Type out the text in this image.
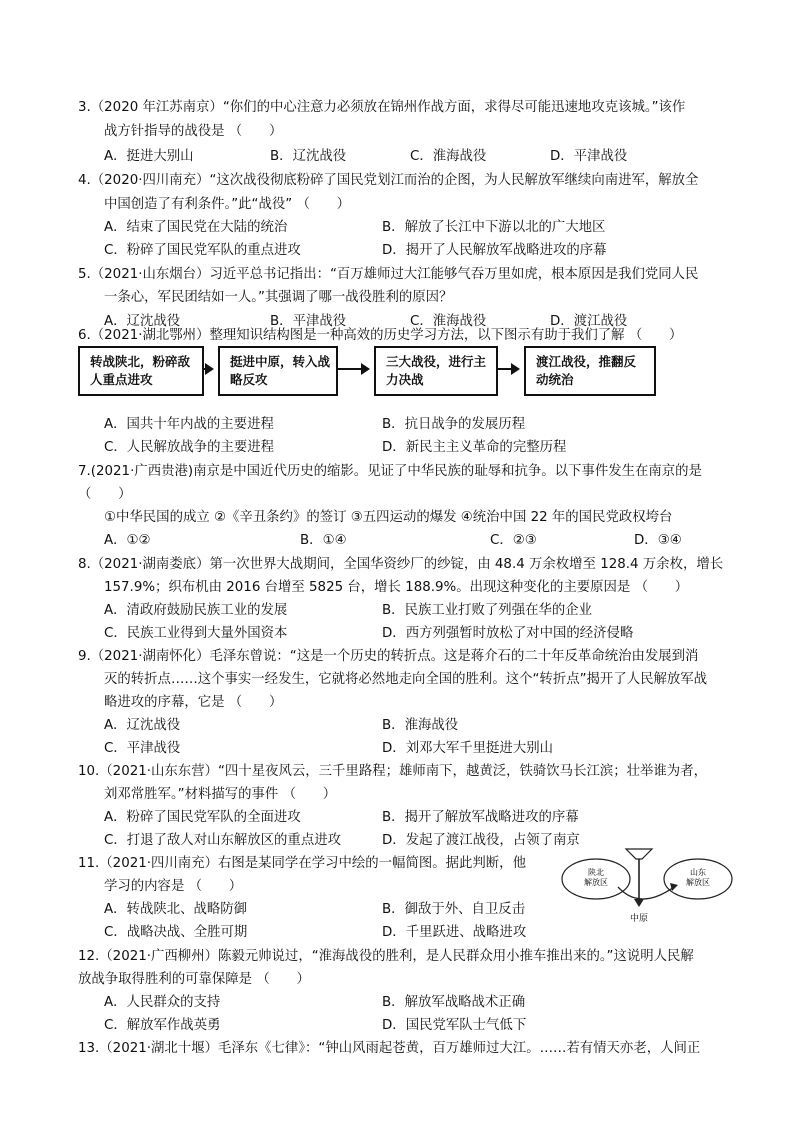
3.（2020 年江苏南京）“你们的中心注意力必须放在锦州作战方面，求得尽可能迅速地攻克该城。”该作
战方针指导的战役是 （　　）
A．挺进大别山	B．辽沈战役	C．淮海战役	D．平津战役
4.（2020·四川南充）“这次战役彻底粉碎了国民党划江而治的企图，为人民解放军继续向南进军，解放全
中国创造了有利条件。”此“战役” （　　）
A．结束了国民党在大陆的统治	B．解放了长江中下游以北的广大地区
C．粉碎了国民党军队的重点进攻	D．揭开了人民解放军战略进攻的序幕
5.（2021·山东烟台）习近平总书记指出：“百万雄师过大江能够气吞万里如虎，根本原因是我们党同人民
一条心，军民团结如一人。”其强调了哪一战役胜利的原因？
A．辽沈战役	B．平津战役	C．淮海战役	D．渡江战役
6.（2021·湖北鄂州）整理知识结构图是一种高效的历史学习方法，以下图示有助于我们了解 （　　）
转战陕北，粉碎敌人重点进攻
挺进中原，转入战略反攻
三大战役，进行主力决战
渡江战役，推翻反动统治
A．国共十年内战的主要进程	B．抗日战争的发展历程
C．人民解放战争的主要进程	D．新民主主义革命的完整历程
7.(2021·广西贵港)南京是中国近代历史的缩影。见证了中华民族的耻辱和抗争。以下事件发生在南京的是
（　　）
①中华民国的成立 ②《辛丑条约》的签订 ③五四运动的爆发 ④统治中国 22 年的国民党政权垮台
A．①②	B．①④	C．②③	D．③④
8.（2021·湖南娄底）第一次世界大战期间，全国华资纱厂的纱锭，由 48.4 万余枚增至 128.4 万余枚，增长
157.9%；织布机由 2016 台增至 5825 台，增长 188.9%。出现这种变化的主要原因是 （　　）
A．清政府鼓励民族工业的发展	B．民族工业打败了列强在华的企业
C．民族工业得到大量外国资本	D．西方列强暂时放松了对中国的经济侵略
9.（2021·湖南怀化）毛泽东曾说：“这是一个历史的转折点。这是蒋介石的二十年反革命统治由发展到消
灭的转折点……这个事实一经发生，它就将必然地走向全国的胜利。这个“转折点”揭开了人民解放军战
略进攻的序幕，它是 （　　）
A．辽沈战役	B．淮海战役
C．平津战役	D．刘邓大军千里挺进大别山
10.（2021·山东东营）“四十星夜风云，三千里路程；雄师南下，越黄泛，铁骑饮马长江滨；壮举谁为者，
刘邓常胜军。”材料描写的事件 （　　）
A．粉碎了国民党军队的全面进攻	B．揭开了解放军战略进攻的序幕
C．打退了敌人对山东解放区的重点进攻	D．发起了渡江战役，占领了南京
11.（2021·四川南充）右图是某同学在学习中绘的一幅简图。据此判断，他
学习的内容是 （　　）
A．转战陕北、战略防御	B．御敌于外、自卫反击
C．战略决战、全胜可期	D．千里跃进、战略进攻
陕北
解放区
山东
解放区
中原
12.（2021·广西柳州）陈毅元帅说过，“淮海战役的胜利，是人民群众用小推车推出来的。”这说明人民解
放战争取得胜利的可靠保障是 （　　）
A．人民群众的支持	B．解放军战略战术正确
C．解放军作战英勇	D．国民党军队士气低下
13.（2021·湖北十堰）毛泽东《七律》：“钟山风雨起苍黄，百万雄师过大江。……若有情天亦老，人间正
